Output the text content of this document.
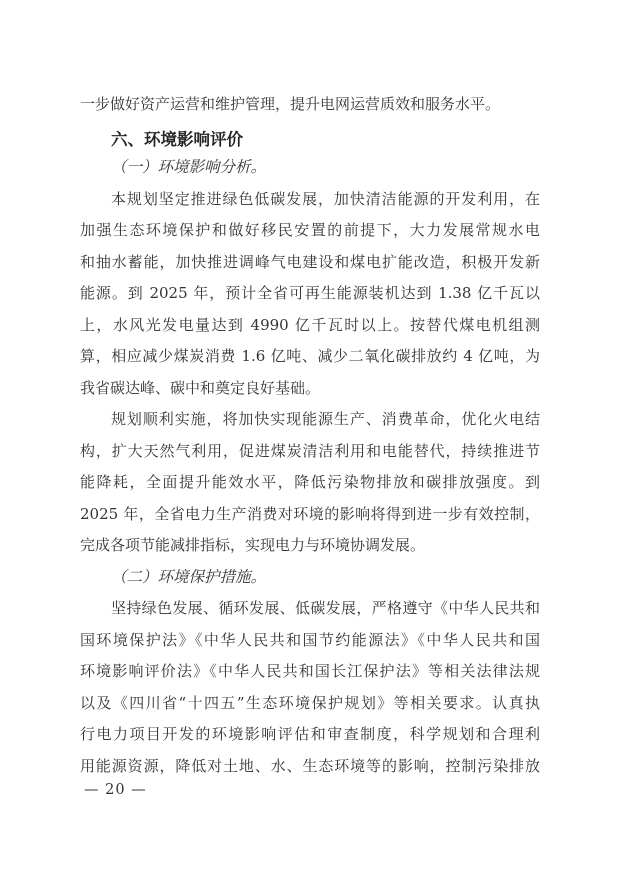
一步做好资产运营和维护管理，提升电网运营质效和服务水平。
六、环境影响评价
（一）环境影响分析。
本规划坚定推进绿色低碳发展，加快清洁能源的开发利用，在
加强生态环境保护和做好移民安置的前提下，大力发展常规水电
和抽水蓄能，加快推进调峰气电建设和煤电扩能改造，积极开发新
能源。到 2025 年，预计全省可再生能源装机达到 1.38 亿千瓦以
上，水风光发电量达到 4990 亿千瓦时以上。按替代煤电机组测
算，相应减少煤炭消费 1.6 亿吨、减少二氧化碳排放约 4 亿吨，为
我省碳达峰、碳中和奠定良好基础。
规划顺利实施，将加快实现能源生产、消费革命，优化火电结
构，扩大天然气利用，促进煤炭清洁利用和电能替代，持续推进节
能降耗，全面提升能效水平，降低污染物排放和碳排放强度。到
2025 年，全省电力生产消费对环境的影响将得到进一步有效控制，
完成各项节能减排指标，实现电力与环境协调发展。
（二）环境保护措施。
坚持绿色发展、循环发展、低碳发展，严格遵守《中华人民共和
国环境保护法》《中华人民共和国节约能源法》《中华人民共和国
环境影响评价法》《中华人民共和国长江保护法》等相关法律法规
以及《四川省“十四五”生态环境保护规划》等相关要求。认真执
行电力项目开发的环境影响评估和审查制度，科学规划和合理利
用能源资源，降低对土地、水、生态环境等的影响，控制污染排放
— 20 —
